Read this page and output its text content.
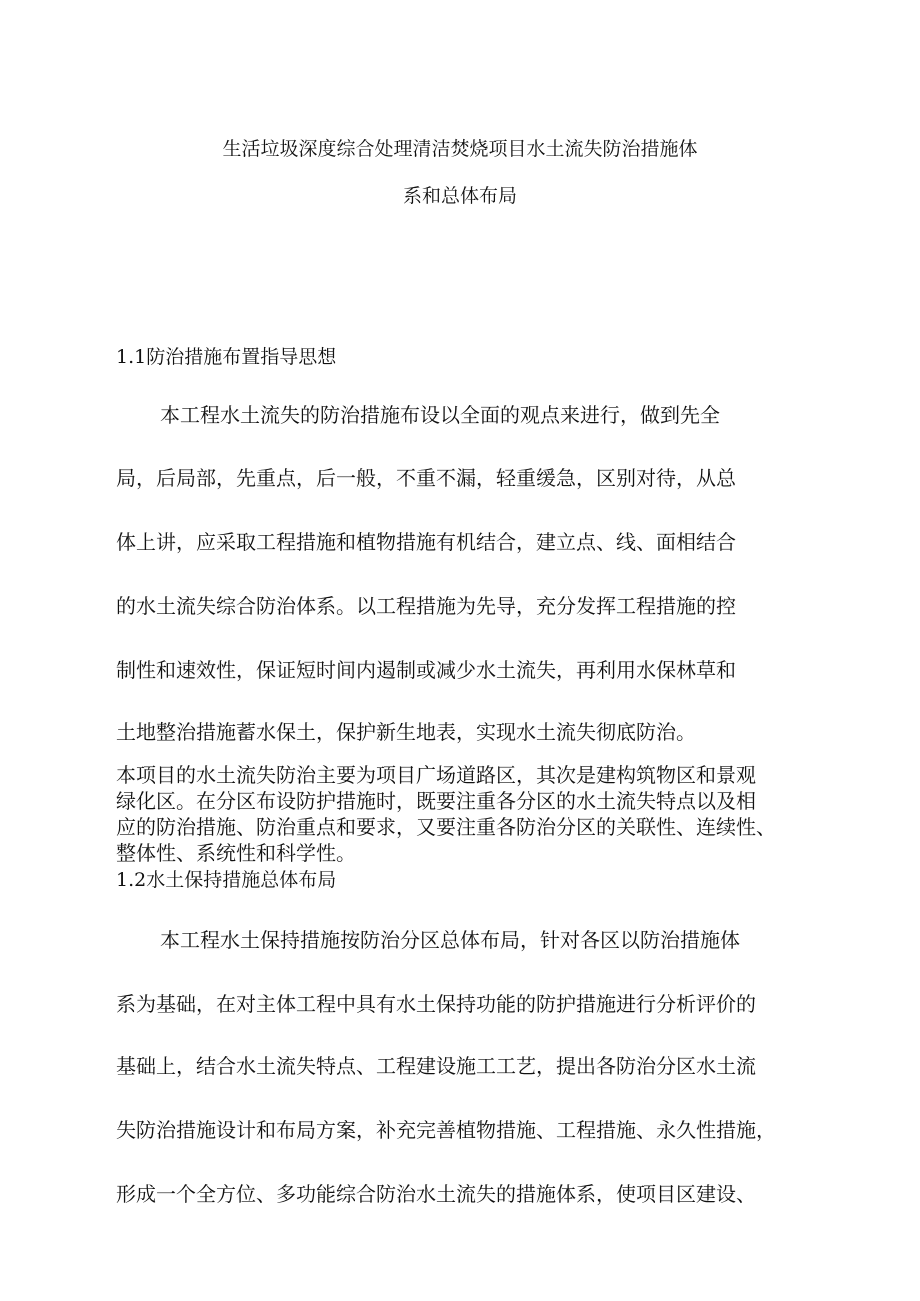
生活垃圾深度综合处理清洁焚烧项目水土流失防治措施体
系和总体布局
1.1防治措施布置指导思想
本工程水土流失的防治措施布设以全面的观点来进行，做到先全
局，后局部，先重点，后一般，不重不漏，轻重缓急，区别对待，从总
体上讲，应采取工程措施和植物措施有机结合，建立点、线、面相结合
的水土流失综合防治体系。以工程措施为先导，充分发挥工程措施的控
制性和速效性，保证短时间内遏制或减少水土流失，再利用水保林草和
土地整治措施蓄水保土，保护新生地表，实现水土流失彻底防治。
本项目的水土流失防治主要为项目广场道路区，其次是建构筑物区和景观
绿化区。在分区布设防护措施时，既要注重各分区的水土流失特点以及相
应的防治措施、防治重点和要求，又要注重各防治分区的关联性、连续性、
整体性、系统性和科学性。
1.2水土保持措施总体布局
本工程水土保持措施按防治分区总体布局，针对各区以防治措施体
系为基础，在对主体工程中具有水土保持功能的防护措施进行分析评价的
基础上，结合水土流失特点、工程建设施工工艺，提出各防治分区水土流
失防治措施设计和布局方案，补充完善植物措施、工程措施、永久性措施，
形成一个全方位、多功能综合防治水土流失的措施体系，使项目区建设、
